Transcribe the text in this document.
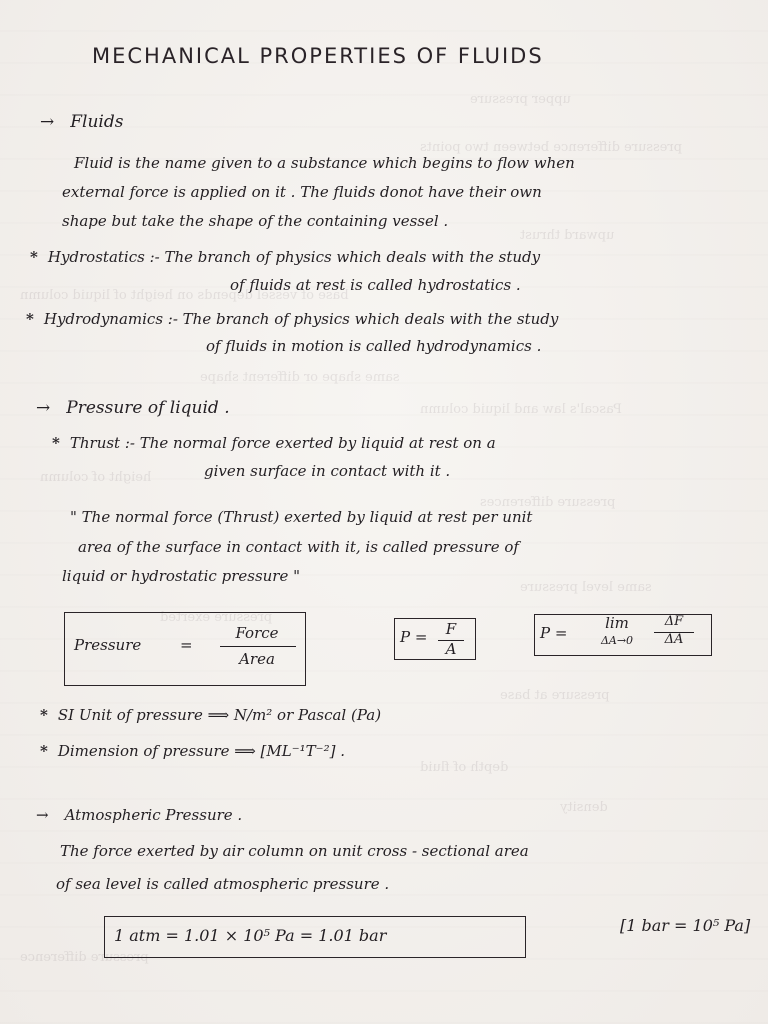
upper pressure
pressure difference between two points
upward thrust
base of vessel depends on height of liquid column
same shape or different shape
Pascal's law and liquid column
height of column
pressure differences
same level pressure
pressure exerted
pressure at base
depth of fluid
density
pressure difference
MECHANICAL PROPERTIES OF FLUIDS
→ Fluids
Fluid is the name given to a substance which begins to flow when
external force is applied on it . The fluids donot have their own
shape but take the shape of the containing vessel .
* Hydrostatics :- The branch of physics which deals with the study
of fluids at rest is called hydrostatics .
* Hydrodynamics :- The branch of physics which deals with the study
of fluids in motion is called hydrodynamics .
→ Pressure of liquid .
* Thrust :- The normal force exerted by liquid at rest on a
given surface in contact with it .
" The normal force (Thrust) exerted by liquid at rest per unit
area of the surface in contact with it, is called pressure of
liquid or hydrostatic pressure "
Pressure	=
Force
Area
P =	F
A
P =
lim
ΔA→0
ΔF
ΔA
* SI Unit of pressure ⟹ N/m² or Pascal (Pa)
* Dimension of pressure ⟹ [ML⁻¹T⁻²] .
→ Atmospheric Pressure .
The force exerted by air column on unit cross - sectional area
of sea level is called atmospheric pressure .
1 atm = 1.01 × 10⁵ Pa = 1.01 bar
[1 bar = 10⁵ Pa]
